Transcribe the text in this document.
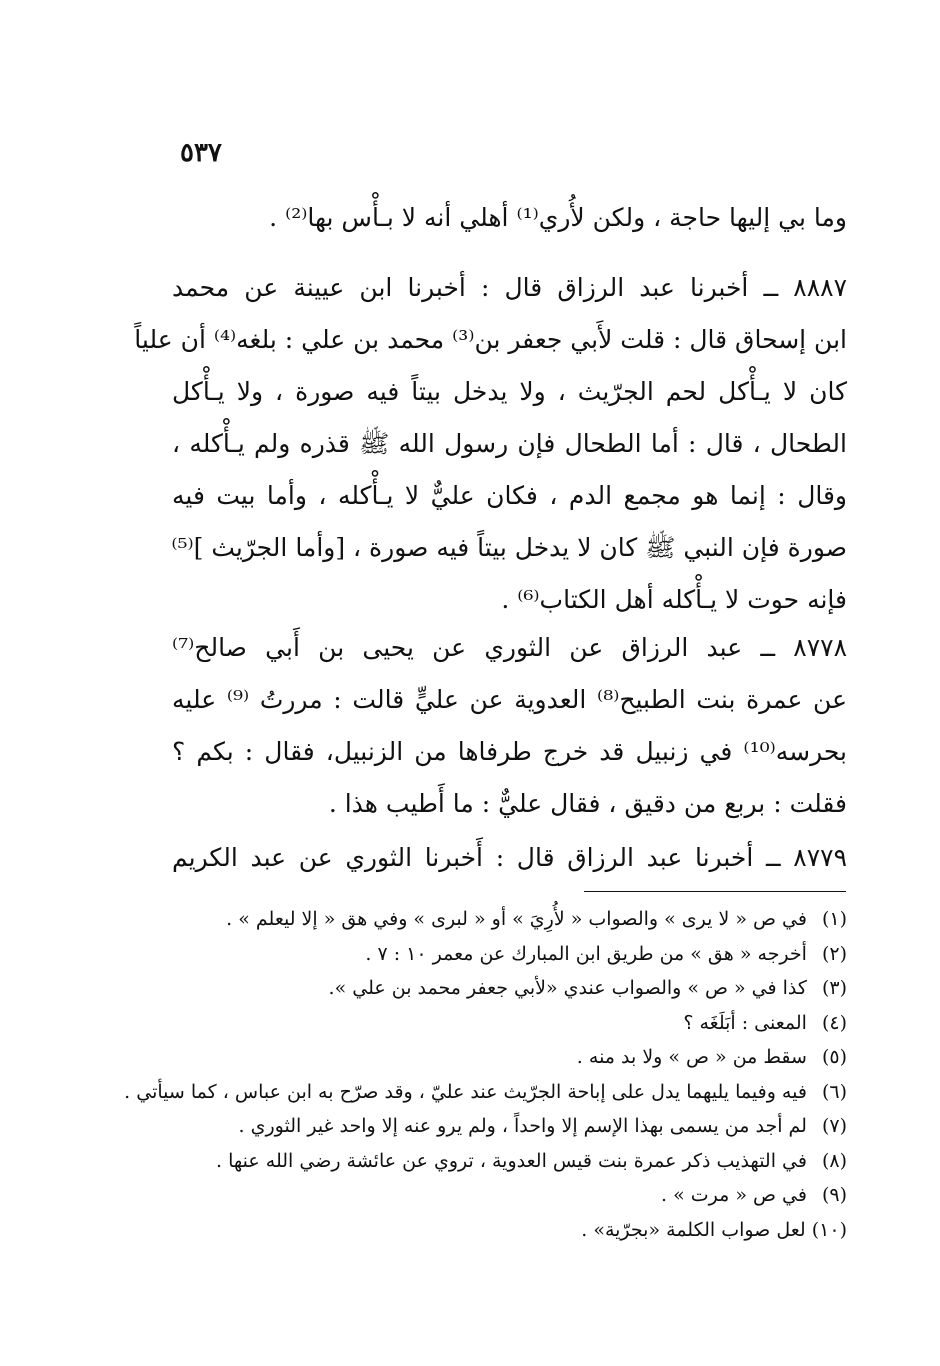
٥٣٧
وما بي إليها حاجة ، ولكن لأُري⁽¹⁾ أهلي أنه لا بـأْس بها⁽²⁾ .
٨٨٨٧ ــ أخبرنا عبد الرزاق قال : أخبرنا ابن عيينة عن محمد
ابن إسحاق قال : قلت لأَبي جعفر بن⁽³⁾ محمد بن علي : بلغه⁽⁴⁾ أن علياً
كان لا يـأْكل لحم الجرّيث ، ولا يدخل بيتاً فيه صورة ، ولا يـأْكل
الطحال ، قال : أما الطحال فإن رسول الله ﷺ قذره ولم يـأْكله ،
وقال : إنما هو مجمع الدم ، فكان عليٌّ لا يـأْكله ، وأما بيت فيه
صورة فإن النبي ﷺ كان لا يدخل بيتاً فيه صورة ، [وأما الجرّيث ]⁽⁵⁾
فإنه حوت لا يـأْكله أهل الكتاب⁽⁶⁾ .
٨٧٧٨ ــ عبد الرزاق عن الثوري عن يحيى بن أَبي صالح⁽⁷⁾
عن عمرة بنت الطبيح⁽⁸⁾ العدوية عن عليٍّ قالت : مررتُ ⁽⁹⁾ عليه
بحرسه⁽¹⁰⁾ في زنبيل قد خرج طرفاها من الزنبيل، فقال : بكم ؟
فقلت : بربع من دقيق ، فقال عليٌّ : ما أَطيب هذا .
٨٧٧٩ ــ أخبرنا عبد الرزاق قال : أَخبرنا الثوري عن عبد الكريم
(١) في ص « لا يرى » والصواب « لأُرِيَ » أو « لبرى » وفي هق « إلا ليعلم » .
(٢) أخرجه « هق » من طريق ابن المبارك عن معمر ١٠ : ٧ .
(٣) كذا في « ص » والصواب عندي «لأبي جعفر محمد بن علي ».
(٤) المعنى : أبَلَغَه ؟
(٥) سقط من « ص » ولا بد منه .
(٦) فيه وفيما يليهما يدل على إباحة الجرّيث عند عليّ ، وقد صرّح به ابن عباس ، كما سيأتي .
(٧) لم أجد من يسمى بهذا الإسم إلا واحداً ، ولم يرو عنه إلا واحد غير الثوري .
(٨) في التهذيب ذكر عمرة بنت قيس العدوية ، تروي عن عائشة رضي الله عنها .
(٩) في ص « مرت » .
(١٠) لعل صواب الكلمة «بجرّية» .
